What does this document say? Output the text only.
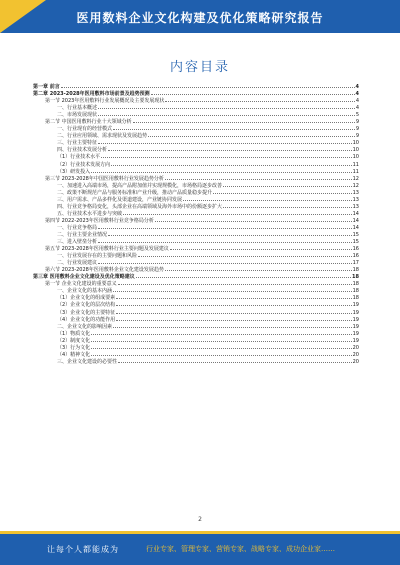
医用数料企业文化构建及优化策略研究报告
内容目录
第一章 前言	4
第二章 2023-2028年医用敷料市场前景及趋势预测	4
第一节 2023年医用敷料行业发展概况及主要发展现状	4
一、行业基本概述	4
二、市场发展现状	5
第二节 中国医用敷料行业十大领域分析	9
一、行业现有的经营模式	9
二、行业应用领域、需求现状及发展趋势	9
三、行业主要特征	10
四、行业技术发展分析	10
（1）行业技术水平	10
（2）行业技术发展方向	11
（3）研发投入	11
第三节 2023-2028年中国医用敷料行业发展趋势分析	12
一、加速进入高端市场，提高产品附加值并实现规模化，市场格局逐步改善	12
二、政策不断规范产品与服务标准和产业升级，推动产品质量稳步提升	13
三、用户需求、产品多样化及渠道建设，产业链协同发展	13
四、行业竞争格局变化，头部企业在高端领域及海外市场中的份额逐步扩大	13
五、行业技术水平进步与突破	14
第四节 2022-2023年医用敷料行业竞争格局分析	14
一、行业竞争格局	14
二、行业主要企业情况	15
三、进入壁垒分析	15
第五节 2023-2028年医用敷料行业主要问题及发展建议	16
一、行业发展存在的主要问题和风险	16
二、行业发展建议	17
第六节 2023-2028年医用敷料企业文化建设发展趋势	18
第三章 医用敷料企业文化建设及优化策略建议	18
第一节 企业文化建设的重要意义	18
一、企业文化的基本内涵	18
（1）企业文化的组成要素	18
（2）企业文化的层次结构	19
（3）企业文化的主要特征	19
（4）企业文化的功能作用	19
二、企业文化的影响因素	19
（1）物质文化	19
（2）制度文化	19
（3）行为文化	20
（4）精神文化	20
三、企业文化建设的必要性	20
2
让每个人都能成为	行业专家、管理专家、营销专家、战略专家、成功企业家……
